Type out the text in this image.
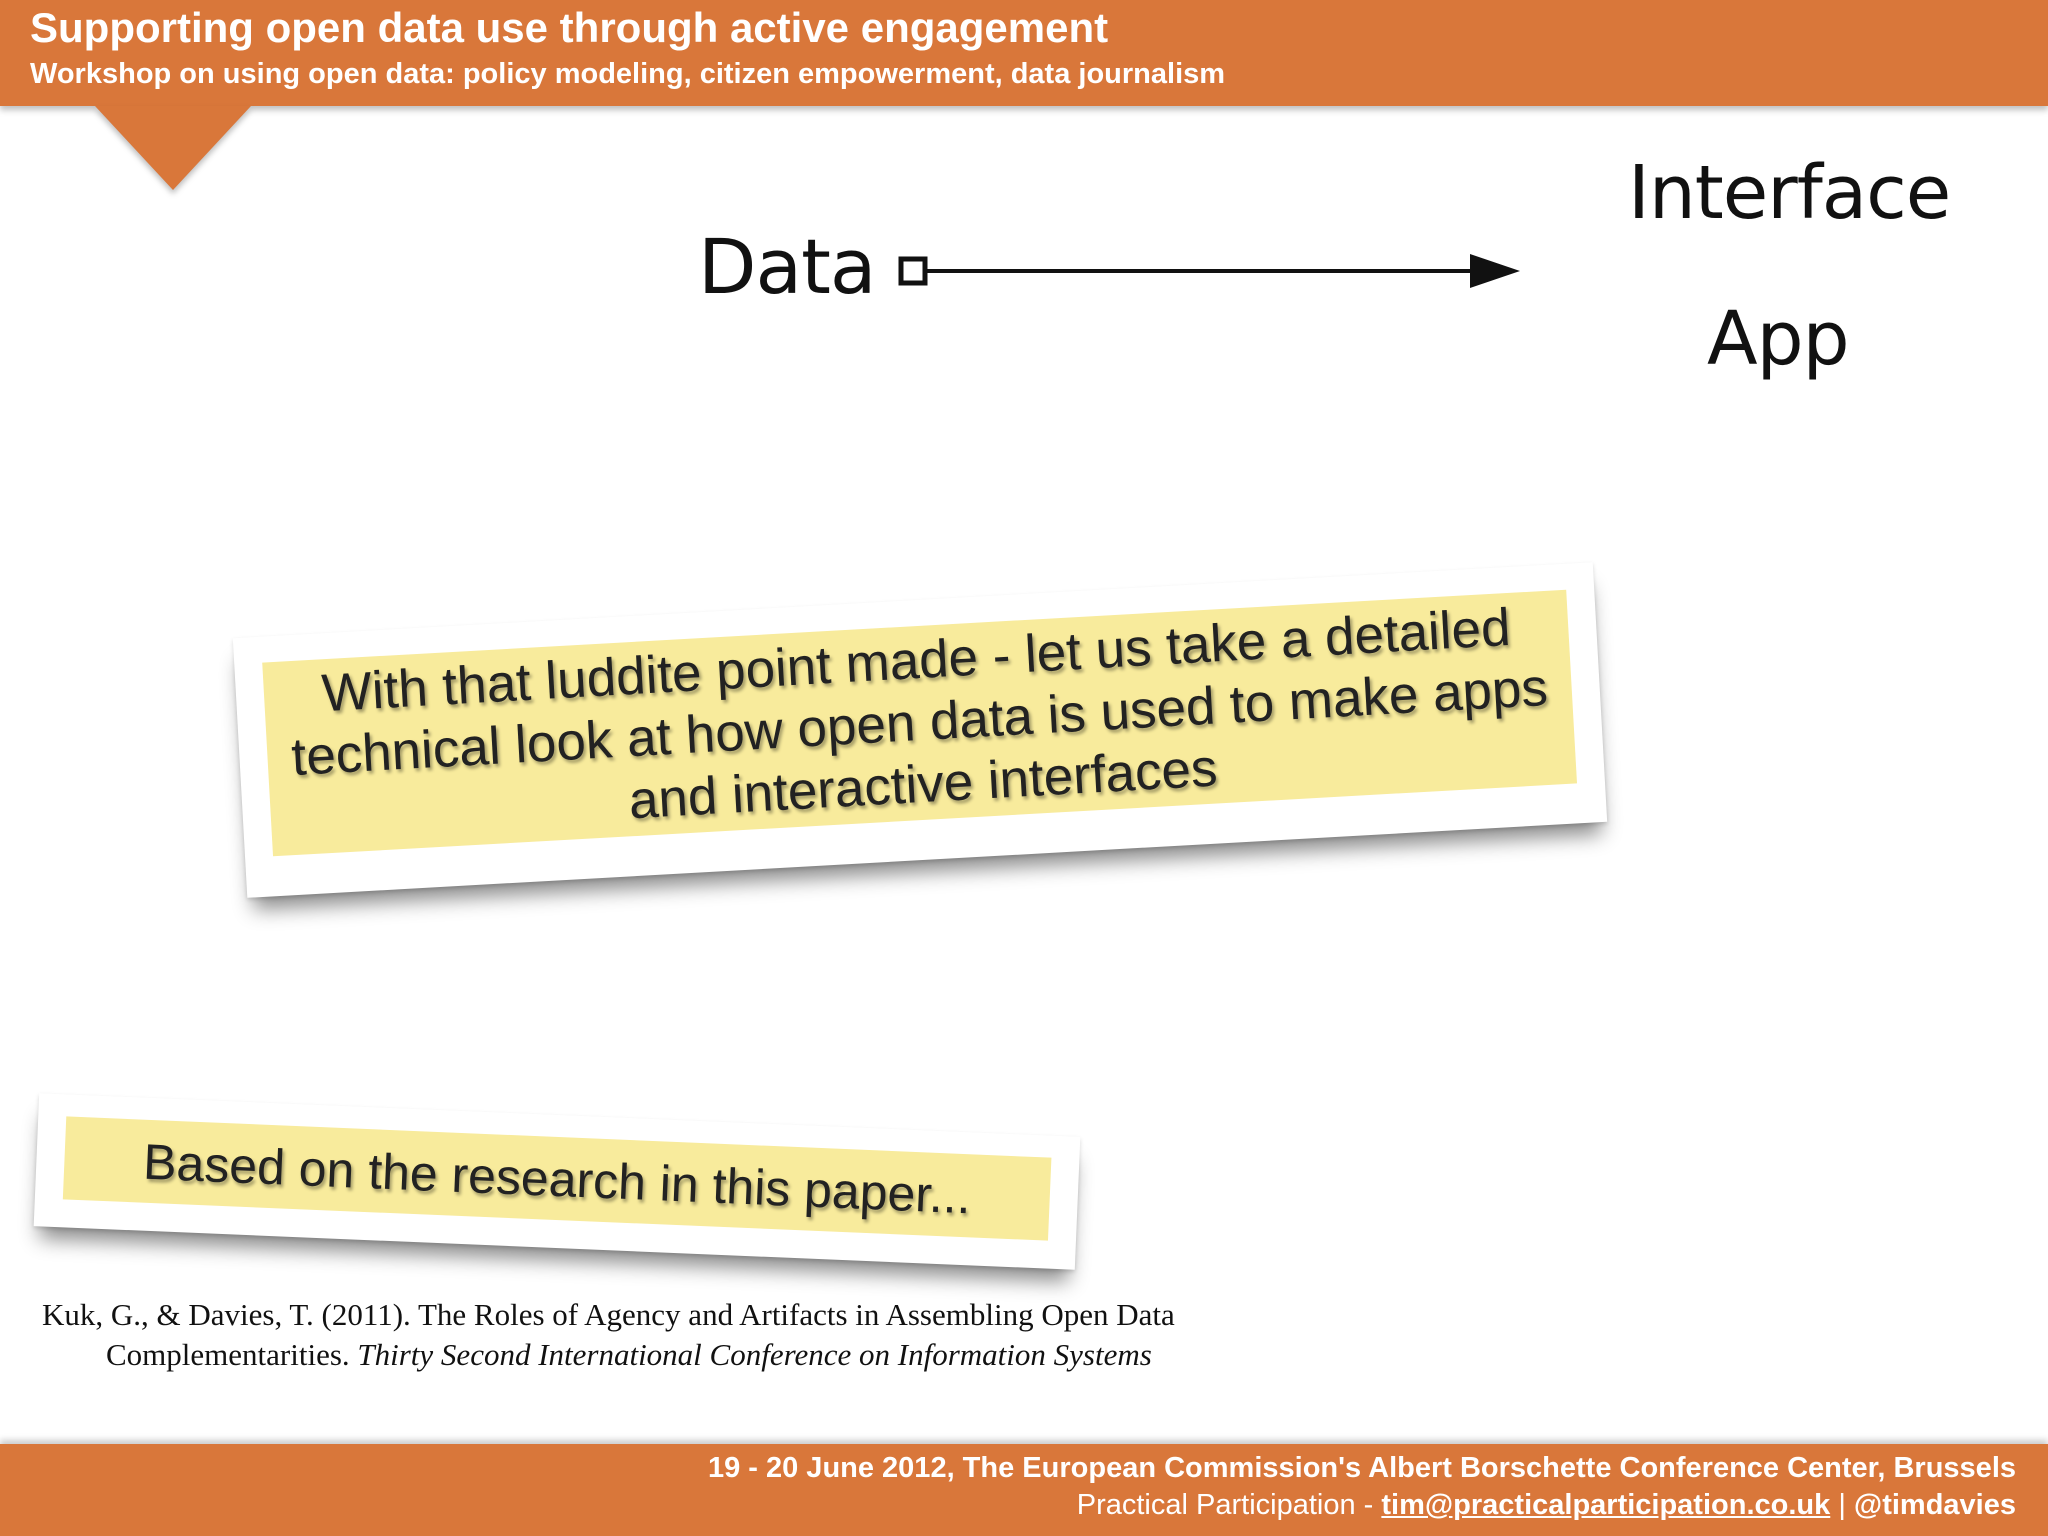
Supporting open data use through active engagement
Workshop on using open data: policy modeling, citizen empowerment, data journalism
Data
Interface
App
With that luddite point made - let us take a detailed technical look at how open data is used to make apps and interactive interfaces
Based on the research in this paper...
Kuk, G., & Davies, T. (2011). The Roles of Agency and Artifacts in Assembling Open Data Complementarities. Thirty Second International Conference on Information Systems
19 - 20 June 2012, The European Commission's Albert Borschette Conference Center, Brussels
Practical Participation - tim@practicalparticipation.co.uk | @timdavies
